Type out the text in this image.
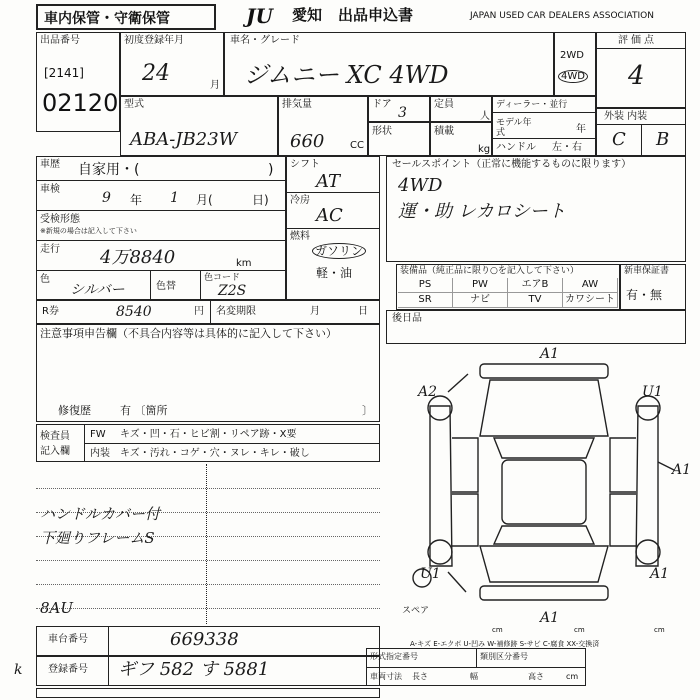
車内保管・守衛保管	JU	愛知 出品申込書	JAPAN USED CAR DEALERS ASSOCIATION
出品番号
[2141]
02120
初度登録年月
24	月
車名・グレード
ジムニー XC 4WD
2WD
4WD
評価点
4
型式
ABA-JB23W
排気量
660	CC
ドア
3
定員
人
形状	積載
kg
ディーラー・並行
モデル年式	年
ハンドル 左・右
外装 内装
C B
車歴 自家用・(	)
車検
9 年 1 月(	日)
受検形態
※新規の場合は記入して下さい
走行 4万8840	km
色
シルバー	色替
色コード
Z2S
R券	8540	円 名変期限	月	日
シフト
AT
冷房
AC
燃料
ガソリン
軽・油
セールスポイント（正常に機能するものに限ります）
4WD
運・助 レカロシート
装備品（純正品に限り○を記入して下さい）
PS	PW	エアB	AW
SR	ナビ	TV	カワシート
新車保証書
有・無
後日品
注意事項申告欄（不具合内容等は具体的に記入して下さい）
修復歴	有 〔箇所	〕
検査員
記入欄
FW キズ・凹・石・ヒビ割・リペア跡・X要
内装 キズ・汚れ・コゲ・穴・ヌレ・キレ・破し
ハンドルカバー付
下廻りフレームS
8AU
A1
A2	U1
A1
U1	A1
A1
スペア
A-キズ E-エクボ U-凹み W-補修跡 S-サビ C-腐食 XX-交換済
cm	cm	cm
車台番号	669338
登録番号 ギフ 582 す 5881
k
形式指定番号	類別区分番号
車両寸法 長さ	幅	高さ	cm
